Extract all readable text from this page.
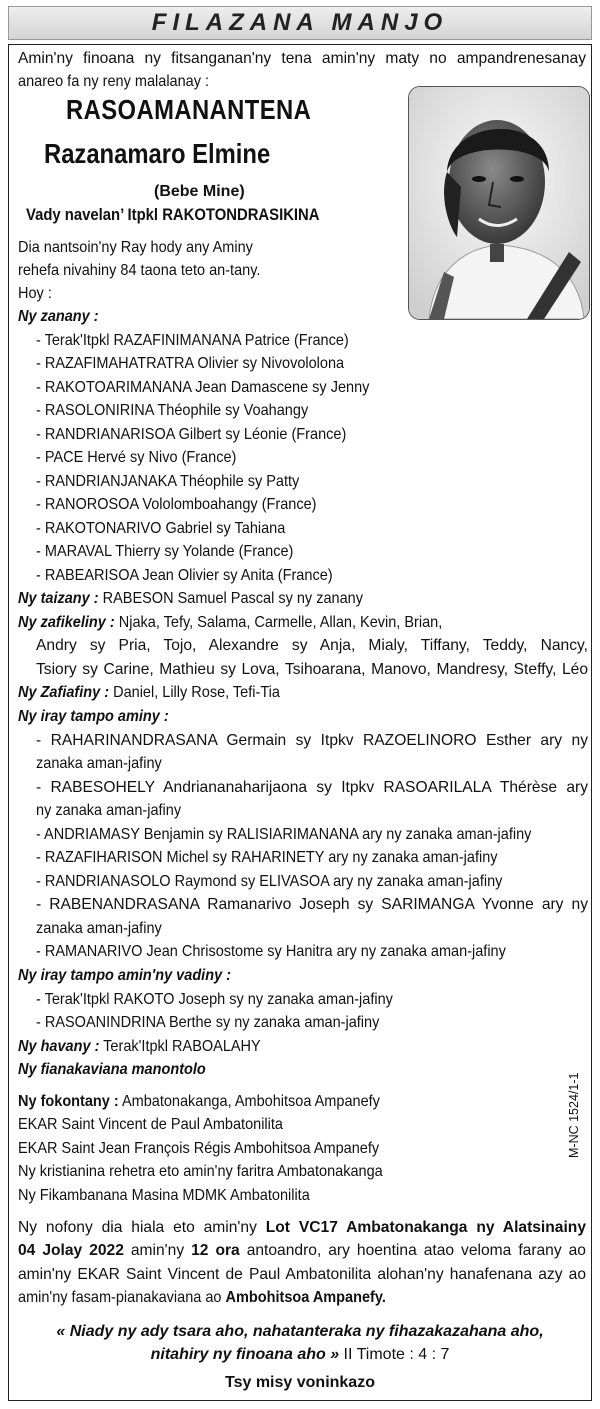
FILAZANA MANJO
Amin'ny finoana ny fitsanganan'ny tena amin'ny maty no ampandrenesanay
anareo fa ny reny malalanay :
RASOAMANANTENA
Razanamaro Elmine
(Bebe Mine)
Vady navelan’ Itpkl RAKOTONDRASIKINA
Dia nantsoin'ny Ray hody any Aminy
rehefa nivahiny 84 taona teto an-tany.
Hoy :
Ny zanany :
- Terak'Itpkl RAZAFINIMANANA Patrice (France)
- RAZAFIMAHATRATRA Olivier sy Nivovololona
- RAKOTOARIMANANA Jean Damascene sy Jenny
- RASOLONIRINA Théophile sy Voahangy
- RANDRIANARISOA Gilbert sy Léonie (France)
- PACE Hervé sy Nivo (France)
- RANDRIANJANAKA Théophile sy Patty
- RANOROSOA Vololomboahangy (France)
- RAKOTONARIVO Gabriel sy Tahiana
- MARAVAL Thierry sy Yolande (France)
- RABEARISOA Jean Olivier sy Anita (France)
Ny taizany : RABESON Samuel Pascal sy ny zanany
Ny zafikeliny : Njaka, Tefy, Salama, Carmelle, Allan, Kevin, Brian,
Andry sy Pria, Tojo, Alexandre sy Anja, Mialy, Tiffany, Teddy, Nancy,
Tsiory sy Carine, Mathieu sy Lova, Tsihoarana, Manovo, Mandresy, Steffy, Léo
Ny Zafiafiny : Daniel, Lilly Rose, Tefi-Tia
Ny iray tampo aminy :
- RAHARINANDRASANA Germain sy Itpkv RAZOELINORO Esther ary ny
zanaka aman-jafiny
- RABESOHELY Andriananaharijaona sy Itpkv RASOARILALA Thérèse ary
ny zanaka aman-jafiny
- ANDRIAMASY Benjamin sy RALISIARIMANANA ary ny zanaka aman-jafiny
- RAZAFIHARISON Michel sy RAHARINETY ary ny zanaka aman-jafiny
- RANDRIANASOLO Raymond sy ELIVASOA ary ny zanaka aman-jafiny
- RABENANDRASANA Ramanarivo Joseph sy SARIMANGA Yvonne ary ny
zanaka aman-jafiny
- RAMANARIVO Jean Chrisostome sy Hanitra ary ny zanaka aman-jafiny
Ny iray tampo amin'ny vadiny :
- Terak'Itpkl RAKOTO Joseph sy ny zanaka aman-jafiny
- RASOANINDRINA Berthe sy ny zanaka aman-jafiny
Ny havany : Terak'Itpkl RABOALAHY
Ny fianakaviana manontolo
Ny fokontany : Ambatonakanga, Ambohitsoa Ampanefy
EKAR Saint Vincent de Paul Ambatonilita
EKAR Saint Jean François Régis Ambohitsoa Ampanefy
Ny kristianina rehetra eto amin'ny faritra Ambatonakanga
Ny Fikambanana Masina MDMK Ambatonilita
M-NC 1524/1-1
Ny nofony dia hiala eto amin'ny Lot VC17 Ambatonakanga ny Alatsinainy
04 Jolay 2022 amin'ny 12 ora antoandro, ary hoentina atao veloma farany ao
amin'ny EKAR Saint Vincent de Paul Ambatonilita alohan'ny hanafenana azy ao
amin'ny fasam-pianakaviana ao Ambohitsoa Ampanefy.
« Niady ny ady tsara aho, nahatanteraka ny fihazakazahana aho,
nitahiry ny finoana aho » II Timote : 4 : 7
Tsy misy voninkazo
